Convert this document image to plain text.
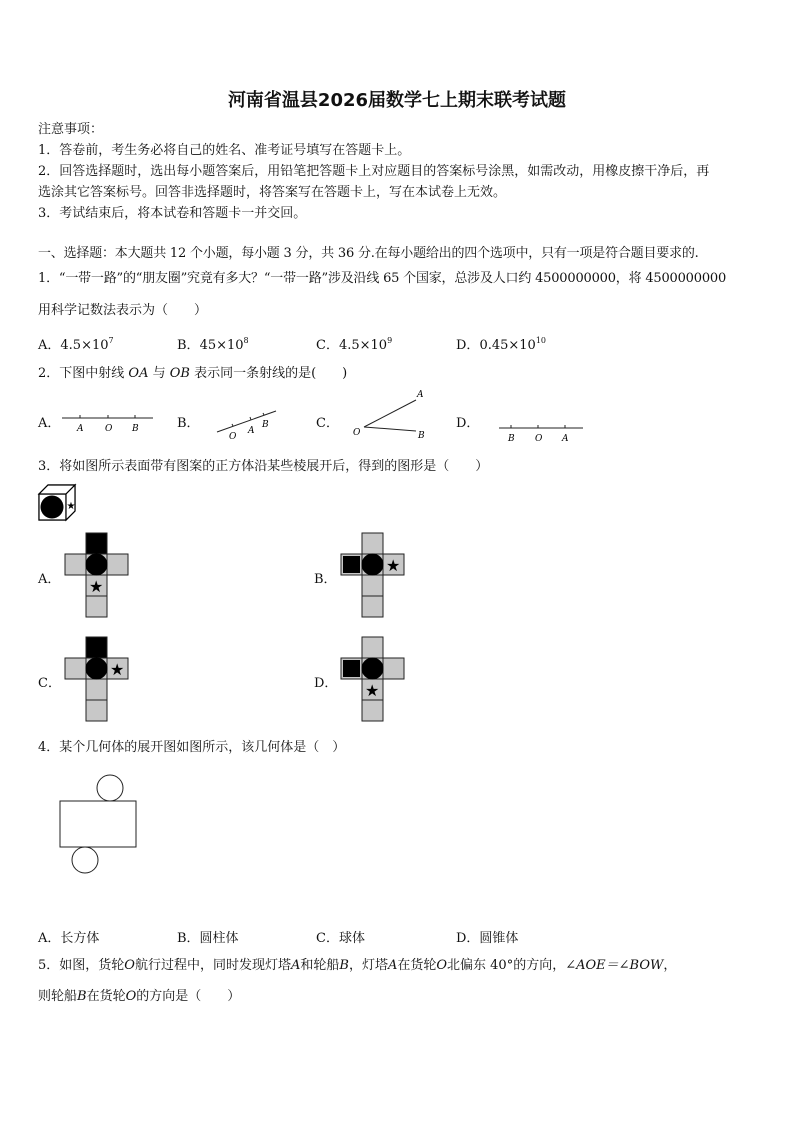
河南省温县2026届数学七上期末联考试题
注意事项：
1．答卷前，考生务必将自己的姓名、准考证号填写在答题卡上。
2．回答选择题时，选出每小题答案后，用铅笔把答题卡上对应题目的答案标号涂黑，如需改动，用橡皮擦干净后，再
选涂其它答案标号。回答非选择题时，将答案写在答题卡上，写在本试卷上无效。
3．考试结束后，将本试卷和答题卡一并交回。
一、选择题：本大题共 12 个小题，每小题 3 分，共 36 分.在每小题给出的四个选项中，只有一项是符合题目要求的.
1．“一带一路”的“朋友圈”究竟有多大？“一带一路”涉及沿线 65 个国家，总涉及人口约 4500000000，将 4500000000
用科学记数法表示为（　　）
A．$4.5\times 10^7$	B．$45\times 10^8$	C．$4.5\times 10^9$	D．$0.45\times 10^{10}$
2．下图中射线 OA 与 OB 表示同一条射线的是(　　)
A．	B．	C．	D．
A O B
O
A
B
A
O	B	B O A
3．将如图所示表面带有图案的正方体沿某些棱展开后，得到的图形是（　　）
★
★
★
★
★
A．	B．
C．	D．
4．某个几何体的展开图如图所示，该几何体是（　）
A．长方体	B．圆柱体	C．球体	D．圆锥体
5．如图，货轮O航行过程中，同时发现灯塔A和轮船B，灯塔A在货轮O北偏东 40°的方向，∠AOE＝∠BOW，
则轮船B在货轮O的方向是（　　）
